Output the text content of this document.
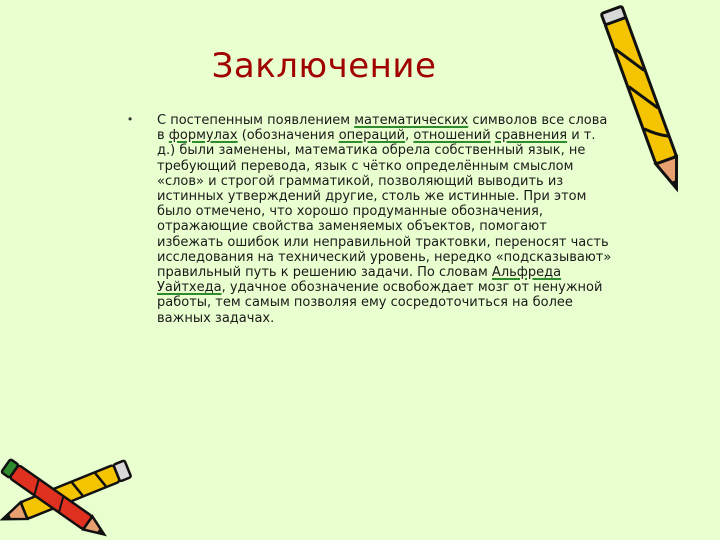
Заключение
• С постепенным появлением математических символов все слова в формулах (обозначения операций, отношений сравнения и т. д.) были заменены, математика обрела собственный язык, не требующий перевода, язык с чётко определённым смыслом «слов» и строгой грамматикой, позволяющий выводить из истинных утверждений другие, столь же истинные. При этом было отмечено, что хорошо продуманные обозначения, отражающие свойства заменяемых объектов, помогают избежать ошибок или неправильной трактовки, переносят часть исследования на технический уровень, нередко «подсказывают» правильный путь к решению задачи. По словам Альфреда Уайтхеда, удачное обозначение освобождает мозг от ненужной работы, тем самым позволяя ему сосредоточиться на более важных задачах.
